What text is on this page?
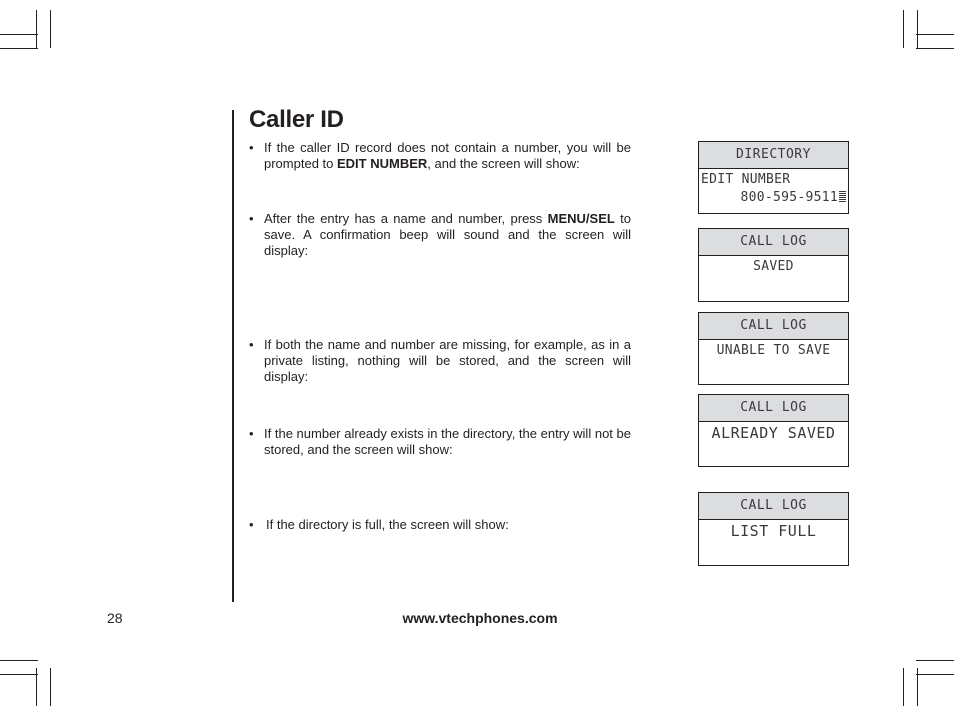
Caller ID
• If the caller ID record does not contain a number, you will be prompted to EDIT NUMBER, and the screen will show:
• After the entry has a name and number, press MENU/SEL to save. A confirmation beep will sound and the screen will display:
• If both the name and number are missing, for example, as in a private listing, nothing will be stored, and the screen will display:
• If the number already exists in the directory, the entry will not be stored, and the screen will show:
• If the directory is full, the screen will show:
DIRECTORY
EDIT NUMBER
800-595-9511
CALL LOG
SAVED
CALL LOG
UNABLE TO SAVE
CALL LOG
ALREADY SAVED
CALL LOG
LIST FULL
28	www.vtechphones.com
